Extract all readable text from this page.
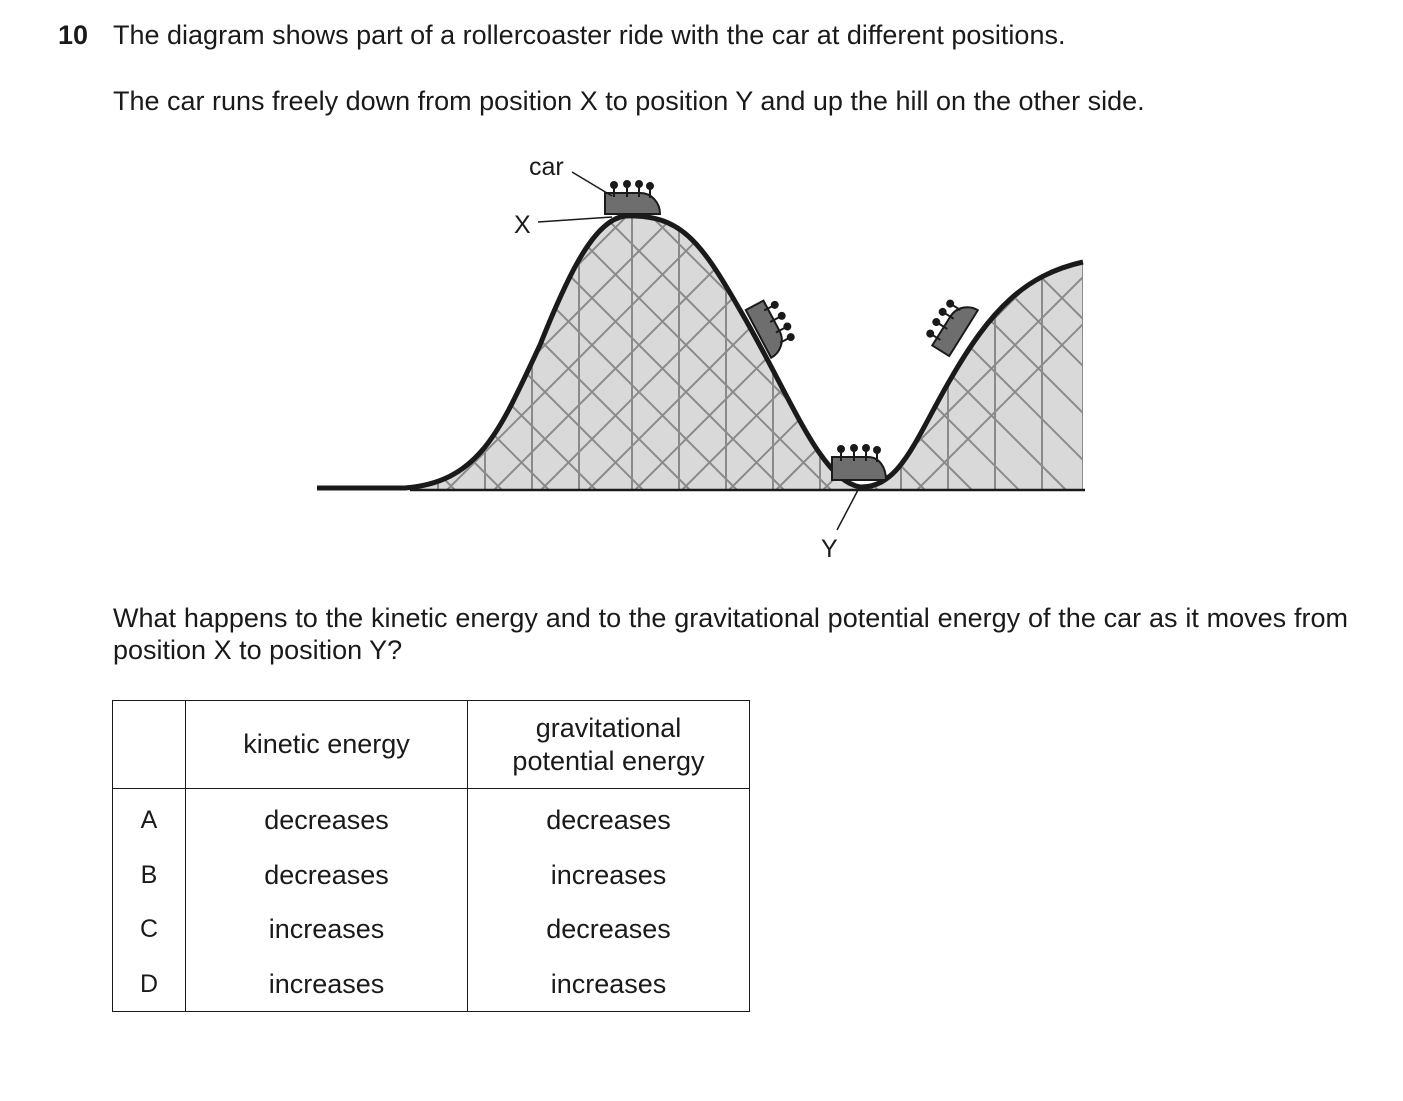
10 The diagram shows part of a rollercoaster ride with the car at different positions.
The car runs freely down from position X to position Y and up the hill on the other side.
car
X
Y
What happens to the kinetic energy and to the gravitational potential energy of the car as it moves from position X to position Y?
	kinetic energy	gravitational
potential energy
A	decreases	decreases
B	decreases	increases
C	increases	decreases
D	increases	increases
